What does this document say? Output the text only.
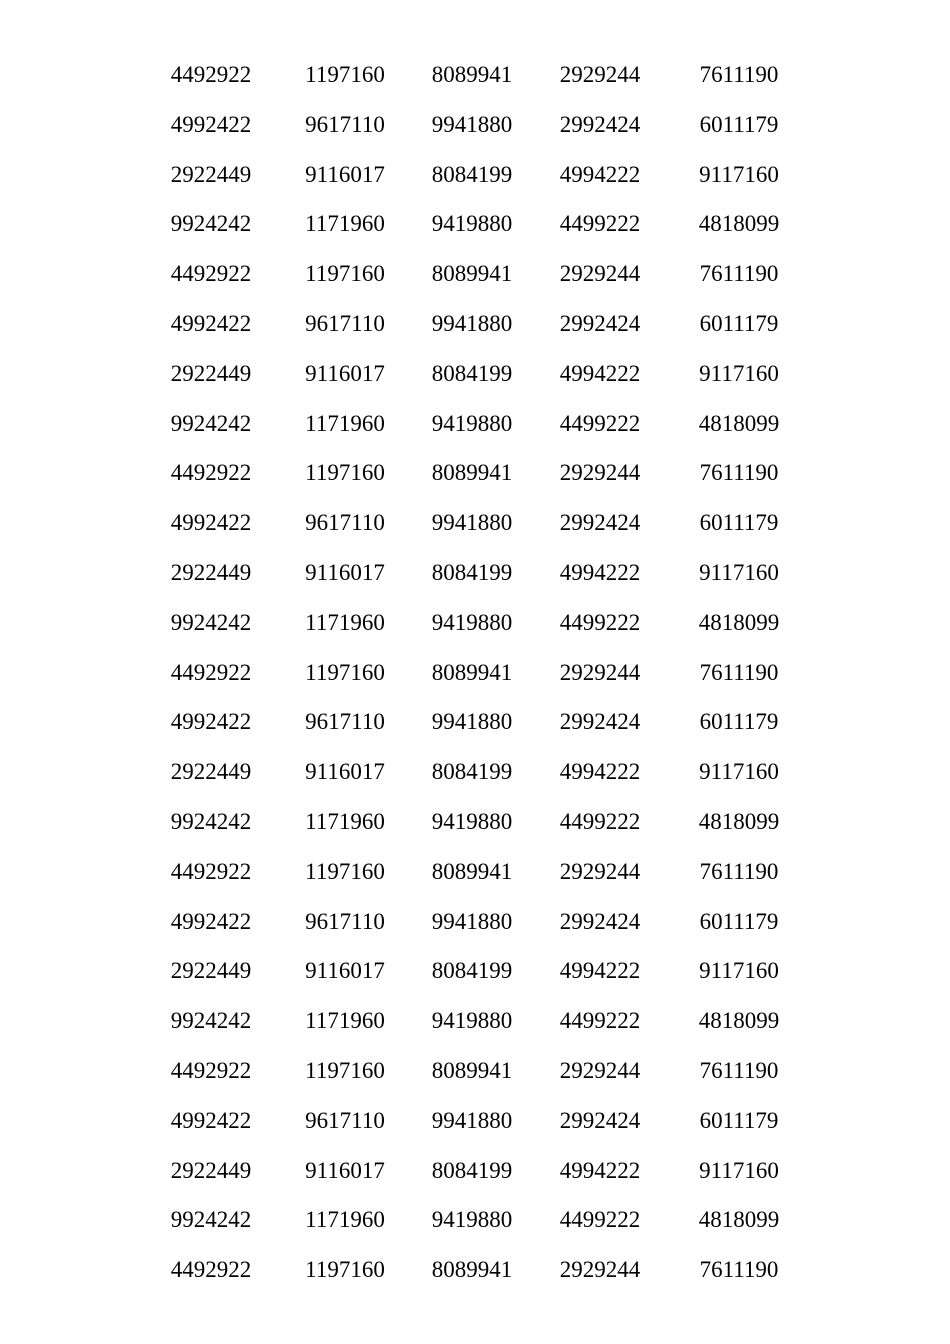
4492922	1197160	8089941	2929244	7611190
4992422	9617110	9941880	2992424	6011179
2922449	9116017	8084199	4994222	9117160
9924242	1171960	9419880	4499222	4818099
4492922	1197160	8089941	2929244	7611190
4992422	9617110	9941880	2992424	6011179
2922449	9116017	8084199	4994222	9117160
9924242	1171960	9419880	4499222	4818099
4492922	1197160	8089941	2929244	7611190
4992422	9617110	9941880	2992424	6011179
2922449	9116017	8084199	4994222	9117160
9924242	1171960	9419880	4499222	4818099
4492922	1197160	8089941	2929244	7611190
4992422	9617110	9941880	2992424	6011179
2922449	9116017	8084199	4994222	9117160
9924242	1171960	9419880	4499222	4818099
4492922	1197160	8089941	2929244	7611190
4992422	9617110	9941880	2992424	6011179
2922449	9116017	8084199	4994222	9117160
9924242	1171960	9419880	4499222	4818099
4492922	1197160	8089941	2929244	7611190
4992422	9617110	9941880	2992424	6011179
2922449	9116017	8084199	4994222	9117160
9924242	1171960	9419880	4499222	4818099
4492922	1197160	8089941	2929244	7611190
